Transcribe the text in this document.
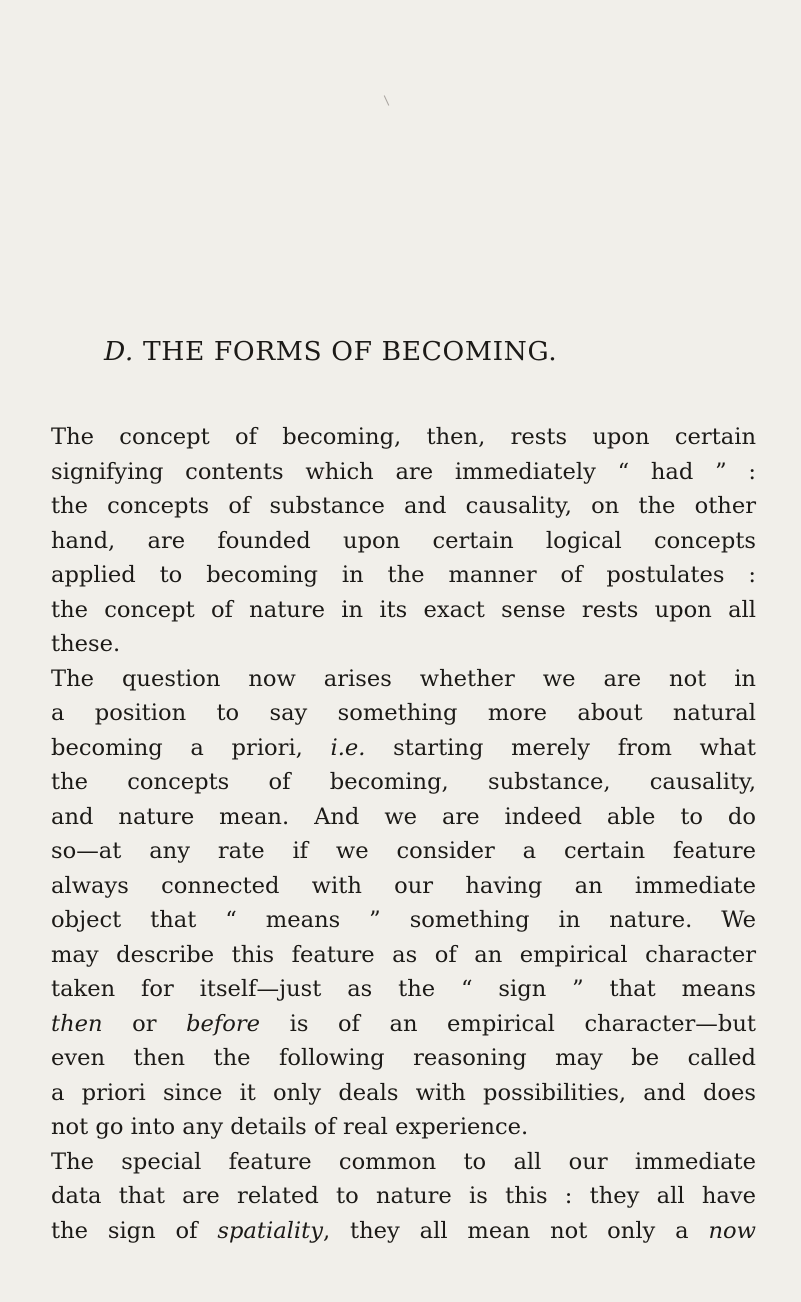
D. THE FORMS OF BECOMING.
The concept of becoming, then, rests upon certain
signifying contents which are immediately “ had ” :
the concepts of substance and causality, on the other
hand, are founded upon certain logical concepts
applied to becoming in the manner of postulates :
the concept of nature in its exact sense rests upon all
these.
The question now arises whether we are not in
a position to say something more about natural
becoming a priori, i.e. starting merely from what
the concepts of becoming, substance, causality,
and nature mean. And we are indeed able to do
so—at any rate if we consider a certain feature
always connected with our having an immediate
object that “ means ” something in nature. We
may describe this feature as of an empirical character
taken for itself—just as the “ sign ” that means
then or before is of an empirical character—but
even then the following reasoning may be called
a priori since it only deals with possibilities, and does
not go into any details of real experience.
The special feature common to all our immediate
data that are related to nature is this : they all have
the sign of spatiality, they all mean not only a now
